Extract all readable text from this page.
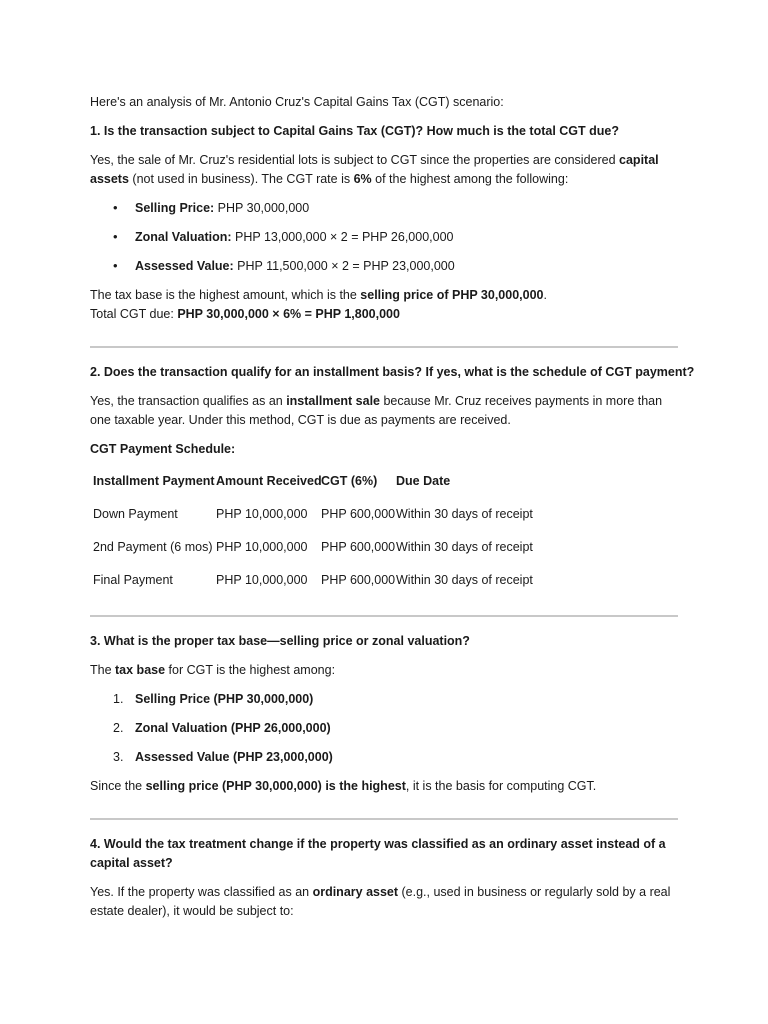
Here's an analysis of Mr. Antonio Cruz's Capital Gains Tax (CGT) scenario:
1. Is the transaction subject to Capital Gains Tax (CGT)? How much is the total CGT due?
Yes, the sale of Mr. Cruz's residential lots is subject to CGT since the properties are considered capital
assets (not used in business). The CGT rate is 6% of the highest among the following:
• Selling Price: PHP 30,000,000
• Zonal Valuation: PHP 13,000,000 × 2 = PHP 26,000,000
• Assessed Value: PHP 11,500,000 × 2 = PHP 23,000,000
The tax base is the highest amount, which is the selling price of PHP 30,000,000.
Total CGT due: PHP 30,000,000 × 6% = PHP 1,800,000
2. Does the transaction qualify for an installment basis? If yes, what is the schedule of CGT payment?
Yes, the transaction qualifies as an installment sale because Mr. Cruz receives payments in more than
one taxable year. Under this method, CGT is due as payments are received.
CGT Payment Schedule:
Installment Payment Amount Received CGT (6%) Due Date
Down Payment	PHP 10,000,000 PHP 600,000 Within 30 days of receipt
2nd Payment (6 mos) PHP 10,000,000 PHP 600,000 Within 30 days of receipt
Final Payment	PHP 10,000,000 PHP 600,000 Within 30 days of receipt
3. What is the proper tax base—selling price or zonal valuation?
The tax base for CGT is the highest among:
1. Selling Price (PHP 30,000,000)
2. Zonal Valuation (PHP 26,000,000)
3. Assessed Value (PHP 23,000,000)
Since the selling price (PHP 30,000,000) is the highest, it is the basis for computing CGT.
4. Would the tax treatment change if the property was classified as an ordinary asset instead of a
capital asset?
Yes. If the property was classified as an ordinary asset (e.g., used in business or regularly sold by a real
estate dealer), it would be subject to:
